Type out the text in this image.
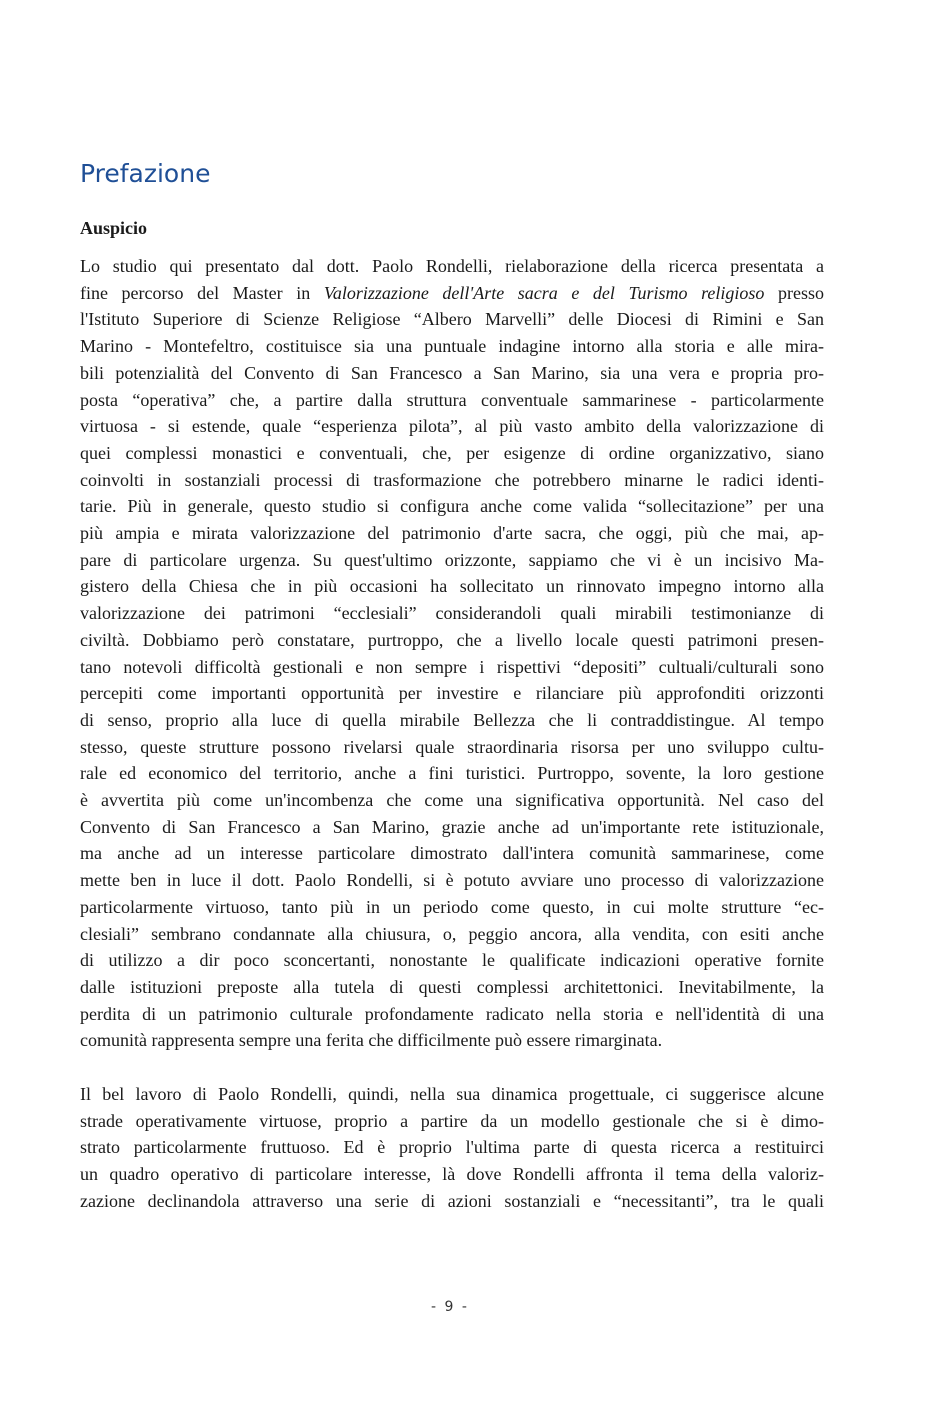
Prefazione
Auspicio
Lo studio qui presentato dal dott. Paolo Rondelli, rielaborazione della ricerca presentata a
fine percorso del Master in Valorizzazione dell'Arte sacra e del Turismo religioso presso
l'Istituto Superiore di Scienze Religiose “Albero Marvelli” delle Diocesi di Rimini e San
Marino - Montefeltro, costituisce sia una puntuale indagine intorno alla storia e alle mira-
bili potenzialità del Convento di San Francesco a San Marino, sia una vera e propria pro-
posta “operativa” che, a partire dalla struttura conventuale sammarinese - particolarmente
virtuosa - si estende, quale “esperienza pilota”, al più vasto ambito della valorizzazione di
quei complessi monastici e conventuali, che, per esigenze di ordine organizzativo, siano
coinvolti in sostanziali processi di trasformazione che potrebbero minarne le radici identi-
tarie. Più in generale, questo studio si configura anche come valida “sollecitazione” per una
più ampia e mirata valorizzazione del patrimonio d'arte sacra, che oggi, più che mai, ap-
pare di particolare urgenza. Su quest'ultimo orizzonte, sappiamo che vi è un incisivo Ma-
gistero della Chiesa che in più occasioni ha sollecitato un rinnovato impegno intorno alla
valorizzazione dei patrimoni “ecclesiali” considerandoli quali mirabili testimonianze di
civiltà. Dobbiamo però constatare, purtroppo, che a livello locale questi patrimoni presen-
tano notevoli difficoltà gestionali e non sempre i rispettivi “depositi” cultuali/culturali sono
percepiti come importanti opportunità per investire e rilanciare più approfonditi orizzonti
di senso, proprio alla luce di quella mirabile Bellezza che li contraddistingue. Al tempo
stesso, queste strutture possono rivelarsi quale straordinaria risorsa per uno sviluppo cultu-
rale ed economico del territorio, anche a fini turistici. Purtroppo, sovente, la loro gestione
è avvertita più come un'incombenza che come una significativa opportunità. Nel caso del
Convento di San Francesco a San Marino, grazie anche ad un'importante rete istituzionale,
ma anche ad un interesse particolare dimostrato dall'intera comunità sammarinese, come
mette ben in luce il dott. Paolo Rondelli, si è potuto avviare uno processo di valorizzazione
particolarmente virtuoso, tanto più in un periodo come questo, in cui molte strutture “ec-
clesiali” sembrano condannate alla chiusura, o, peggio ancora, alla vendita, con esiti anche
di utilizzo a dir poco sconcertanti, nonostante le qualificate indicazioni operative fornite
dalle istituzioni preposte alla tutela di questi complessi architettonici. Inevitabilmente, la
perdita di un patrimonio culturale profondamente radicato nella storia e nell'identità di una
comunità rappresenta sempre una ferita che difficilmente può essere rimarginata.
Il bel lavoro di Paolo Rondelli, quindi, nella sua dinamica progettuale, ci suggerisce alcune
strade operativamente virtuose, proprio a partire da un modello gestionale che si è dimo-
strato particolarmente fruttuoso. Ed è proprio l'ultima parte di questa ricerca a restituirci
un quadro operativo di particolare interesse, là dove Rondelli affronta il tema della valoriz-
zazione declinandola attraverso una serie di azioni sostanziali e “necessitanti”, tra le quali
- 9 -
